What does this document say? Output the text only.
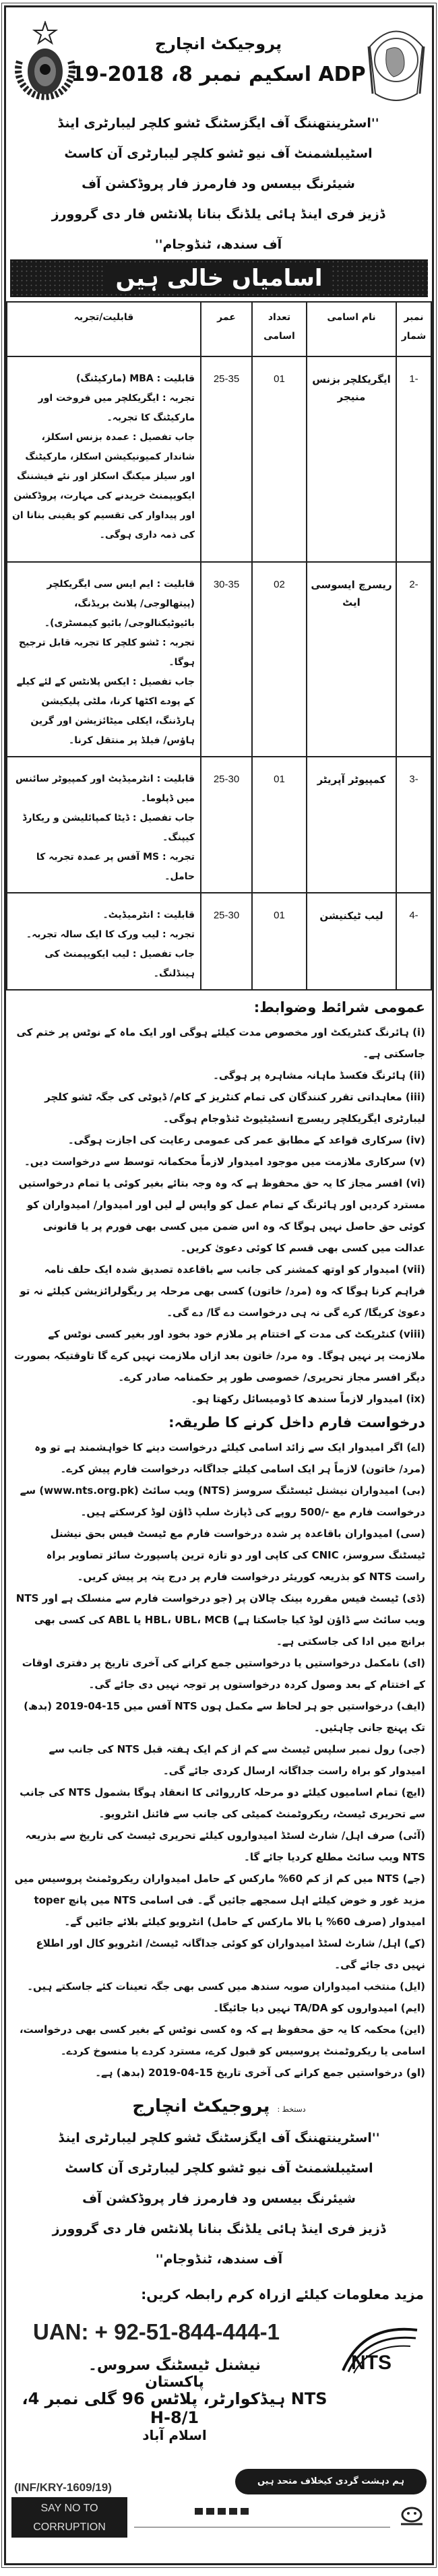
پروجیکٹ انچارج
ADP اسکیم نمبر 8، 2018-19
''اسٹرینتھننگ آف ایگزسٹنگ ٹشو کلچر لیبارٹری اینڈ
اسٹیبلشمنٹ آف نیو ٹشو کلچر لیبارٹری آن کاسٹ
شیئرنگ بیسس ود فارمرز فار پروڈکشن آف
ڈزیز فری اینڈ ہائی یلڈنگ بنانا پلانٹس فار دی گروورز
آف سندھ، ٹنڈوجام''
اسامیاں خالی ہیں
نمبر شمار	نام اسامی	تعداد اسامی	عمر	قابلیت/تجربہ
-1	ایگریکلچر بزنس منیجر	01	25-35	قابلیت : MBA (مارکیٹنگ)
تجربہ : ایگریکلچر میں فروخت اور مارکیٹنگ کا تجربہ۔
جاب تفصیل : عمدہ بزنس اسکلز، شاندار کمیونیکیشن اسکلز، مارکیٹنگ اور سیلز میکنگ اسکلز اور نئے فیشننگ ایکویپمنٹ خریدنے کی مہارت، پروڈکشن اور پیداوار کی تقسیم کو یقینی بنانا ان کی ذمہ داری ہوگی۔

-2	ریسرچ ایسوسی ایٹ	02	30-35	قابلیت : ایم ایس سی ایگریکلچر (پیتھالوجی/ پلانٹ بریڈنگ، بائیوٹیکنالوجی/ بائیو کیمسٹری)۔
تجربہ : ٹشو کلچر کا تجربہ قابل ترجیح ہوگا۔
جاب تفصیل : ایکس پلانٹس کے لئے کیلے کے پودے اکٹھا کرنا، ملٹی پلیکیشن ہارڈننگ، ایکلی میٹائزیشن اور گرین ہاؤس/ فیلڈ پر منتقل کرنا۔

-3	کمپیوٹر آپریٹر	01	25-30	قابلیت : انٹرمیڈیٹ اور کمپیوٹر سائنس میں ڈپلوما۔
جاب تفصیل : ڈیٹا کمپائلیشن و ریکارڈ کیپنگ۔
تجربہ : MS آفس پر عمدہ تجربہ کا حامل۔

-4	لیب ٹیکنیشن	01	25-30	قابلیت : انٹرمیڈیٹ۔
تجربہ : لیب ورک کا ایک سالہ تجربہ۔
جاب تفصیل : لیب ایکویپمنٹ کی ہینڈلنگ۔
عمومی شرائط وضوابط:

(i) ہائرنگ کنٹریکٹ اور مخصوص مدت کیلئے ہوگی اور ایک ماہ کے نوٹس پر ختم کی جاسکتی ہے۔

(ii) ہائرنگ فکسڈ ماہانہ مشاہرہ پر ہوگی۔

(iii) معاہداتی تقرر کنندگان کی تمام کنٹریز کے کام/ ڈیوٹی کی جگہ ٹشو کلچر لیبارٹری ایگریکلچر ریسرچ انسٹیٹیوٹ ٹنڈوجام ہوگی۔

(iv) سرکاری قواعد کے مطابق عمر کی عمومی رعایت کی اجازت ہوگی۔

(v) سرکاری ملازمت میں موجود امیدوار لازماً محکمانہ توسط سے درخواست دیں۔

(vi) افسر مجاز کا یہ حق محفوظ ہے کہ وہ وجہ بتائے بغیر کوئی یا تمام درخواستیں مسترد کردیں اور ہائرنگ کے تمام عمل کو واپس لے لیں اور امیدوار/ امیدواران کو کوئی حق حاصل نہیں ہوگا کہ وہ اس ضمن میں کسی بھی فورم پر یا قانونی عدالت میں کسی بھی قسم کا کوئی دعویٰ کریں۔

(vii) امیدوار کو اوتھ کمشنر کی جانب سے باقاعدہ تصدیق شدہ ایک حلف نامہ فراہم کرنا ہوگا کہ وہ (مرد/ خاتون) کسی بھی مرحلہ پر ریگولرائزیشن کیلئے نہ تو دعویٰ کریگا/ کرے گی نہ ہی درخواست دے گا/ دے گی۔

(viii) کنٹریکٹ کی مدت کے اختتام پر ملازم خود بخود اور بغیر کسی نوٹس کے ملازمت پر نہیں ہوگا۔ وہ مرد/ خاتون بعد ازاں ملازمت نہیں کرے گا تاوقتیکہ بصورت دیگر افسر مجاز تحریری/ خصوصی طور پر حکمنامہ صادر کرے۔

(ix) امیدوار لازماً سندھ کا ڈومیسائل رکھتا ہو۔

درخواست فارم داخل کرنے کا طریقہ:

(اے) اگر امیدوار ایک سے زائد اسامی کیلئے درخواست دینے کا خواہشمند ہے تو وہ (مرد/ خاتون) لازماً ہر ایک اسامی کیلئے جداگانہ درخواست فارم پیش کرے۔

(بی) امیدواران نیشنل ٹیسٹنگ سروسز (NTS) ویب سائٹ (www.nts.org.pk) سے درخواست فارم مع -/500 روپے کی ڈپازٹ سلپ ڈاؤن لوڈ کرسکتے ہیں۔

(سی) امیدواران باقاعدہ پر شدہ درخواست فارم مع ٹیسٹ فیس بحق نیشنل ٹیسٹنگ سروسز، CNIC کی کاپی اور دو تازہ ترین پاسپورٹ سائز تصاویر براہ راست NTS کو بذریعہ کوریئر درخواست فارم پر درج پتہ پر پیش کریں۔

(ڈی) ٹیسٹ فیس مقررہ بینک چالان پر (جو درخواست فارم سے منسلک ہے اور NTS ویب سائٹ سے ڈاؤن لوڈ کیا جاسکتا ہے) HBL، UBL، MCB یا ABL کی کسی بھی برانچ میں ادا کی جاسکتی ہے۔

(ای) نامکمل درخواستیں یا درخواستیں جمع کرانے کی آخری تاریخ پر دفتری اوقات کے اختتام کے بعد وصول کردہ درخواستوں پر توجہ نہیں دی جائے گی۔

(ایف) درخواستیں جو ہر لحاظ سے مکمل ہوں NTS آفس میں 15-04-2019 (بدھ) تک پہنچ جانی چاہئیں۔

(جی) رول نمبر سلپس ٹیسٹ سے کم از کم ایک ہفتہ قبل NTS کی جانب سے امیدوار کو براہ راست جداگانہ ارسال کردی جائے گی۔

(ایچ) تمام اسامیوں کیلئے دو مرحلہ کارروائی کا انعقاد ہوگا بشمول NTS کی جانب سے تحریری ٹیسٹ، ریکروٹمنٹ کمیٹی کی جانب سے فائنل انٹرویو۔

(آئی) صرف اہل/ شارٹ لسٹڈ امیدواروں کیلئے تحریری ٹیسٹ کی تاریخ سے بذریعہ NTS ویب سائٹ مطلع کردیا جائے گا۔

(جے) NTS میں کم از کم 60% مارکس کے حامل امیدواران ریکروٹمنٹ پروسیس میں مزید غور و خوض کیلئے اہل سمجھے جائیں گے۔ فی اسامی NTS میں پانچ toper امیدوار (صرف 60% یا بالا مارکس کے حامل) انٹرویو کیلئے بلائے جائیں گے۔

(کے) اہل/ شارٹ لسٹڈ امیدواران کو کوئی جداگانہ ٹیسٹ/ انٹرویو کال اور اطلاع نہیں دی جائے گی۔

(ایل) منتخب امیدواران صوبہ سندھ میں کسی بھی جگہ تعینات کئے جاسکتے ہیں۔

(ایم) امیدواروں کو TA/DA نہیں دیا جائیگا۔

(این) محکمہ کا یہ حق محفوظ ہے کہ وہ کسی نوٹس کے بغیر کسی بھی درخواست، اسامی یا ریکروٹمنٹ پروسیس کو قبول کرے، مسترد کردے یا منسوخ کردے۔

(او) درخواستیں جمع کرانے کی آخری تاریخ 15-04-2019 (بدھ) ہے۔

دستخط : پروجیکٹ انچارج
''اسٹرینتھننگ آف ایگزسٹنگ ٹشو کلچر لیبارٹری اینڈ
اسٹیبلشمنٹ آف نیو ٹشو کلچر لیبارٹری آن کاسٹ
شیئرنگ بیسس ود فارمرز فار پروڈکشن آف
ڈزیز فری اینڈ ہائی یلڈنگ بنانا پلانٹس فار دی گروورز
آف سندھ، ٹنڈوجام''
مزید معلومات کیلئے ازراہ کرم رابطہ کریں:
UAN: + 92-51-844-444-1
نیشنل ٹیسٹنگ سروس۔ پاکستان
NTS ہیڈکوارٹر، پلاٹس 96 گلی نمبر 4، H-8/1
اسلام آباد
NTS
(INF/KRY-1609/19)	ہم دہشت گردی کیخلاف متحد ہیں
SAY NO TO
CORRUPTION
